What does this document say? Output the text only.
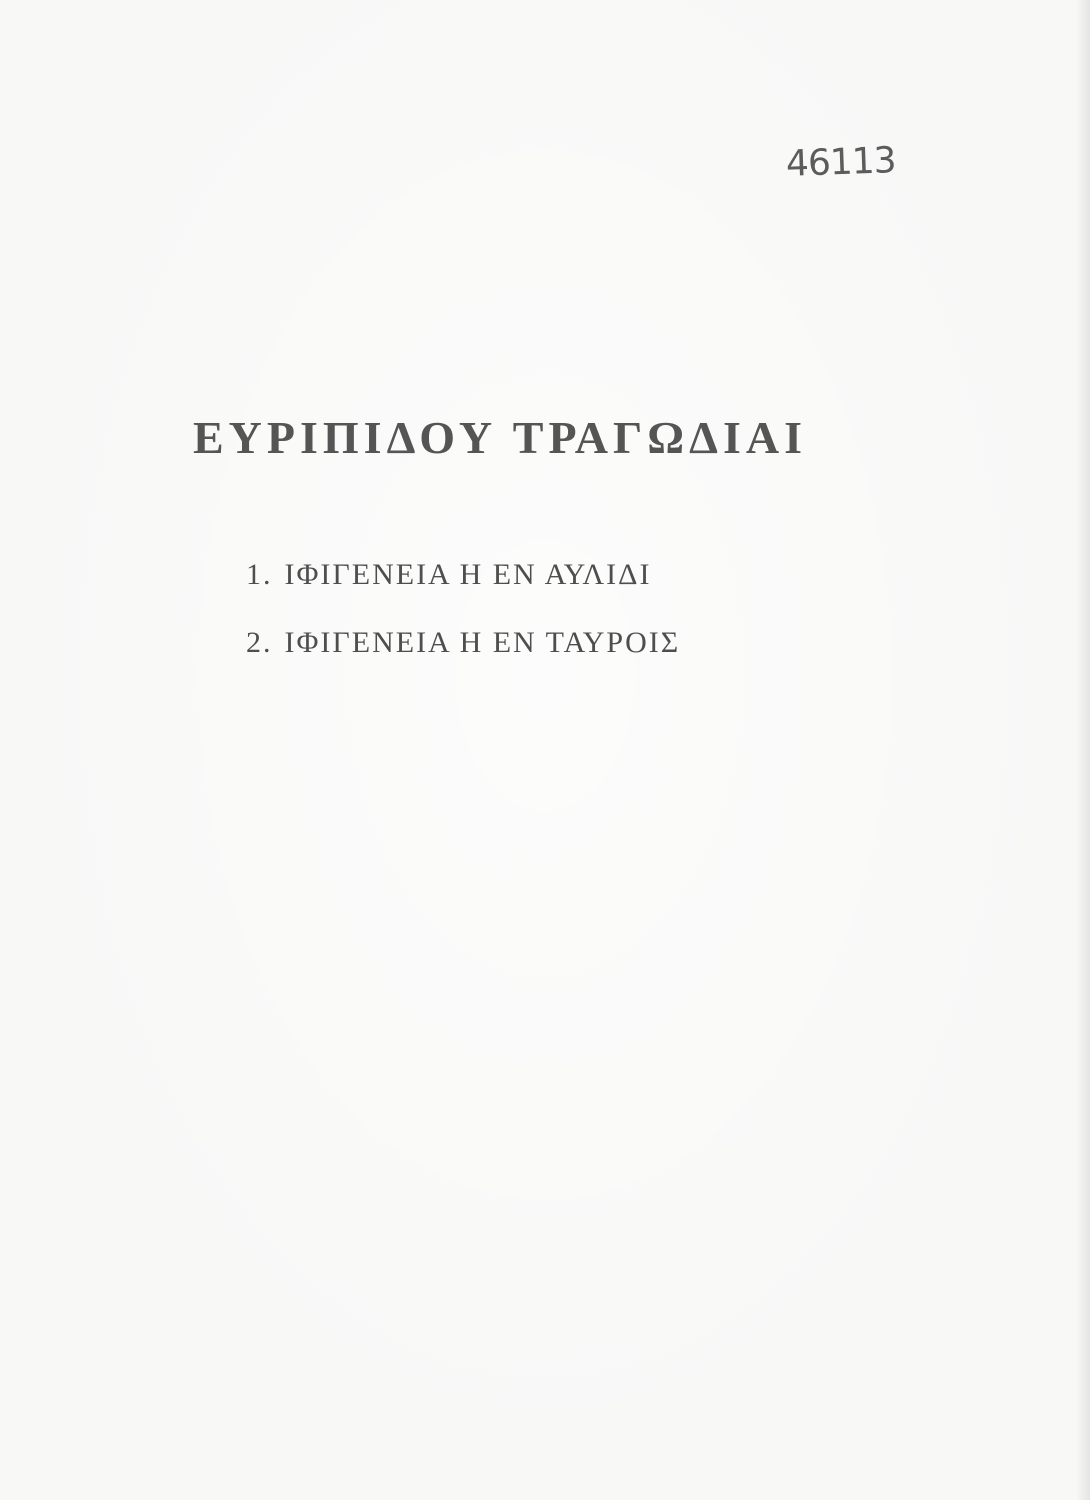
46113
ΕΥΡΙΠΙΔΟΥ ΤΡΑΓΩΔΙΑΙ
1. ΙΦΙΓΕΝΕΙΑ Η ΕΝ ΑΥΛΙΔΙ
2. ΙΦΙΓΕΝΕΙΑ Η ΕΝ ΤΑΥΡΟΙΣ
